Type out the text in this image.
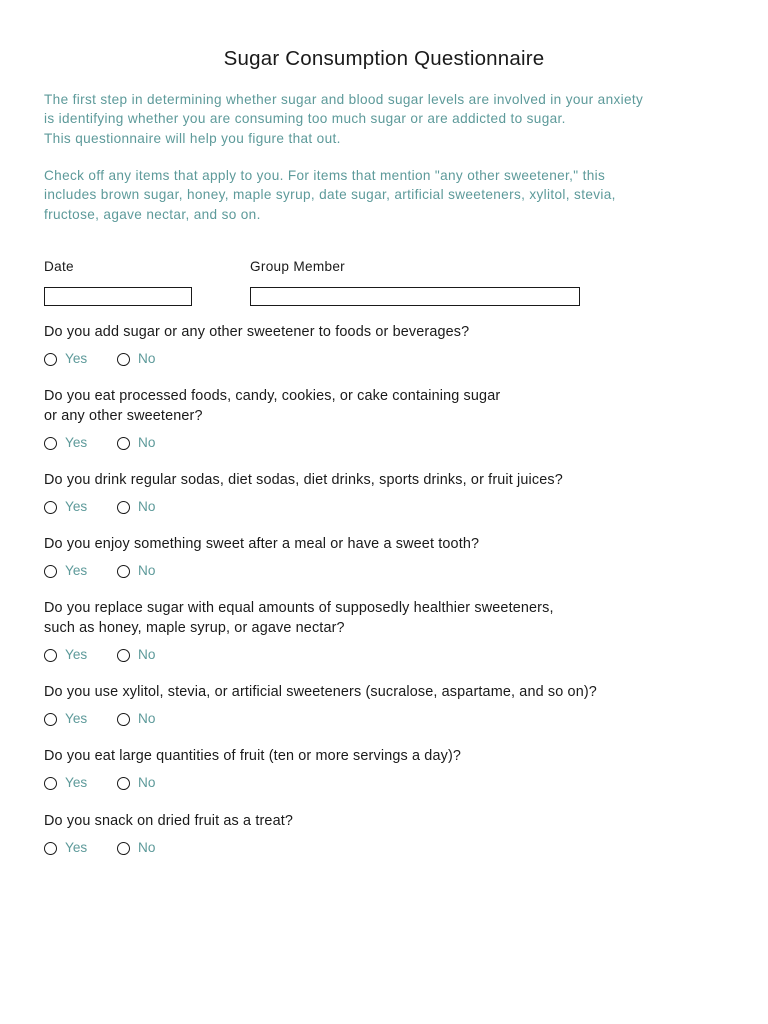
Sugar Consumption Questionnaire

The first step in determining whether sugar and blood sugar levels are involved in your anxiety

is identifying whether you are consuming too much sugar or are addicted to sugar.

This questionnaire will help you figure that out.

Check off any items that apply to you. For items that mention "any other sweetener," this

includes brown sugar, honey, maple syrup, date sugar, artificial sweeteners, xylitol, stevia,

fructose, agave nectar, and so on.

Date	Group Member

Do you add sugar or any other sweetener to foods or beverages?

Yes	No

Do you eat processed foods, candy, cookies, or cake containing sugar

or any other sweetener?

Yes	No

Do you drink regular sodas, diet sodas, diet drinks, sports drinks, or fruit juices?

Yes	No

Do you enjoy something sweet after a meal or have a sweet tooth?

Yes	No

Do you replace sugar with equal amounts of supposedly healthier sweeteners,

such as honey, maple syrup, or agave nectar?

Yes	No

Do you use xylitol, stevia, or artificial sweeteners (sucralose, aspartame, and so on)?

Yes	No

Do you eat large quantities of fruit (ten or more servings a day)?

Yes	No

Do you snack on dried fruit as a treat?

Yes	No
